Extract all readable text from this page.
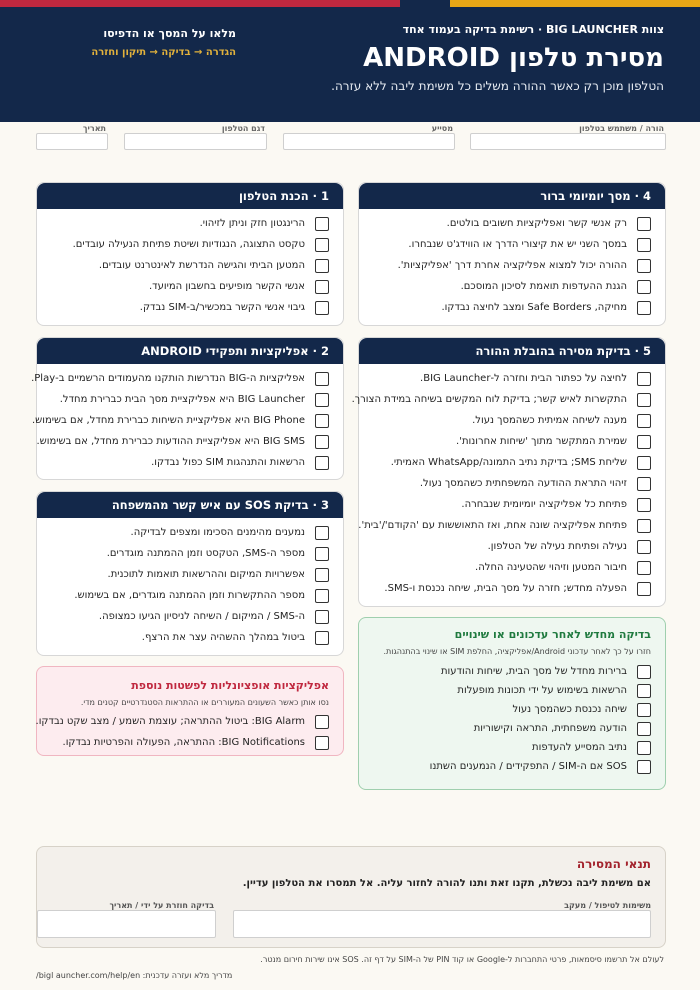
צוות BIG LAUNCHER · רשימת בדיקה בעמוד אחד
מסירת טלפון ANDROID
הטלפון מוכן רק כאשר ההורה משלים כל משימת ליבה ללא עזרה.
מלאו על המסך או הדפיסו
הגדרה → בדיקה → תיקון וחזרה
הורה / משתמש בטלפון
מסייע
דגם הטלפון
תאריך
4 · מסך יומיומי ברור
רק אנשי קשר ואפליקציות חשובים בולטים.
במסך השני יש את קיצורי הדרך או הווידג'ט שנבחרו.
ההורה יכול למצוא אפליקציה אחרת דרך 'אפליקציות'.
הגנת ההעדפות תואמת לסיכון המוסכם.
מחיקה, Safe Borders ומצב לחיצה נבדקו.
1 · הכנת הטלפון
הרינגטון חזק וניתן לזיהוי.
טקסט התצוגה, הנגודיות ושיטת פתיחת הנעילה עובדים.
המטען הביתי והגישה הנדרשת לאינטרנט עובדים.
אנשי הקשר מופיעים בחשבון המיועד.
גיבוי אנשי הקשר במכשיר/ב-SIM נבדק.
5 · בדיקת מסירה בהובלת ההורה
לחיצה על כפתור הבית וחזרה ל-BIG Launcher.
התקשרות לאיש קשר; בדיקת לוח המקשים בשיחה במידת הצורך.
מענה לשיחה אמיתית כשהמסך נעול.
שמירת המתקשר מתוך 'שיחות אחרונות'.
שליחת SMS; בדיקת נתיב התמונה/WhatsApp האמיתי.
זיהוי התראת ההודעה המשפחתית כשהמסך נעול.
פתיחת כל אפליקציה יומיומית שנבחרה.
פתיחת אפליקציה שונה אחת, ואז התאוששות עם 'הקודם'/'בית'.
נעילה ופתיחת נעילה של הטלפון.
חיבור המטען וזיהוי שהטעינה החלה.
הפעלה מחדש; חזרה על מסך הבית, שיחה נכנסת ו-SMS.
2 · אפליקציות ותפקידי ANDROID
אפליקציות ה-BIG הנדרשות הותקנו מהעמודים הרשמיים ב-Play.
BIG Launcher היא אפליקציית מסך הבית כברירת מחדל.
BIG Phone היא אפליקציית השיחות כברירת מחדל, אם בשימוש.
BIG SMS היא אפליקציית ההודעות כברירת מחדל, אם בשימוש.
הרשאות והתנהגות SIM כפול נבדקו.
3 · בדיקת SOS עם איש קשר מהמשפחה
נמענים מהימנים הסכימו ומצפים לבדיקה.
מספר ה-SMS, הטקסט וזמן ההמתנה מוגדרים.
אפשרויות המיקום וההרשאות תואמות לתוכנית.
מספר ההתקשרות וזמן ההמתנה מוגדרים, אם בשימוש.
ה-SMS / המיקום / השיחה לניסיון הגיעו כמצופה.
ביטול במהלך ההשהיה עצר את הרצף.	בדיקה מחדש לאחר עדכונים או שינויים
חזרו על כך לאחר עדכוני Android/אפליקציה, החלפת SIM או שינוי בהתנהגות.
ברירות מחדל של מסך הבית, שיחות והודעות
הרשאות בשימוש על ידי תכונות מופעלות
שיחה נכנסת כשהמסך נעול
הודעה משפחתית, התראה וקישוריות
נתיב המסייע להעדפות
SOS אם ה-SIM / התפקידים / הנמענים השתנו
אפליקציות אופציונליות לפשטות נוספת
נסו אותן כאשר השעונים המעוררים או ההתראות הסטנדרטיים קטנים מדי.
BIG Alarm: ביטול ההתראה; עוצמת השמע / מצב שקט נבדקו.
BIG Notifications: ההתראה, הפעולה והפרטיות נבדקו.
תנאי המסירה
אם משימת ליבה נכשלת, תקנו זאת ותנו להורה לחזור עליה. אל תמסרו את הטלפון עדיין.
משימות לטיפול / מעקב
בדיקה חוזרת על ידי / תאריך
לעולם אל תרשמו סיסמאות, פרטי התחברות ל-Google או קוד PIN של ה-SIM על דף זה. SOS אינו שירות חירום מנטר.
מדריך מלא ועזרה עדכנית: bigl auncher.com/help/en/
